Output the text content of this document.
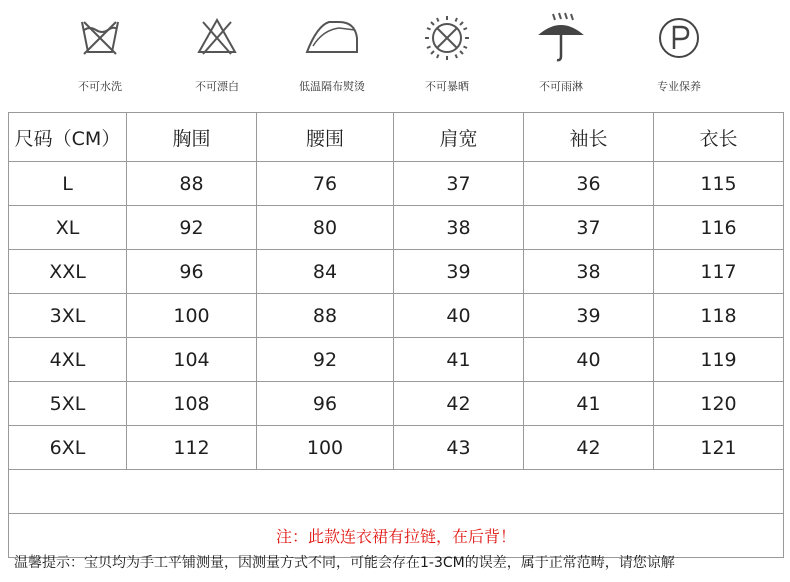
不可水洗	不可漂白	低温隔布熨烫	不可暴晒	不可雨淋	专业保养
尺码（CM）	胸围	腰围	肩宽	袖长	衣长
L	88	76	37	36	115
XL	92	80	38	37	116
XXL	96	84	39	38	117
3XL	100	88	40	39	118
4XL	104	92	41	40	119
5XL	108	96	42	41	120
6XL	112	100	43	42	121

注：此款连衣裙有拉链，在后背！					
温馨提示：宝贝均为手工平铺测量，因测量方式不同，可能会存在1-3CM的误差，属于正常范畴，请您谅解
